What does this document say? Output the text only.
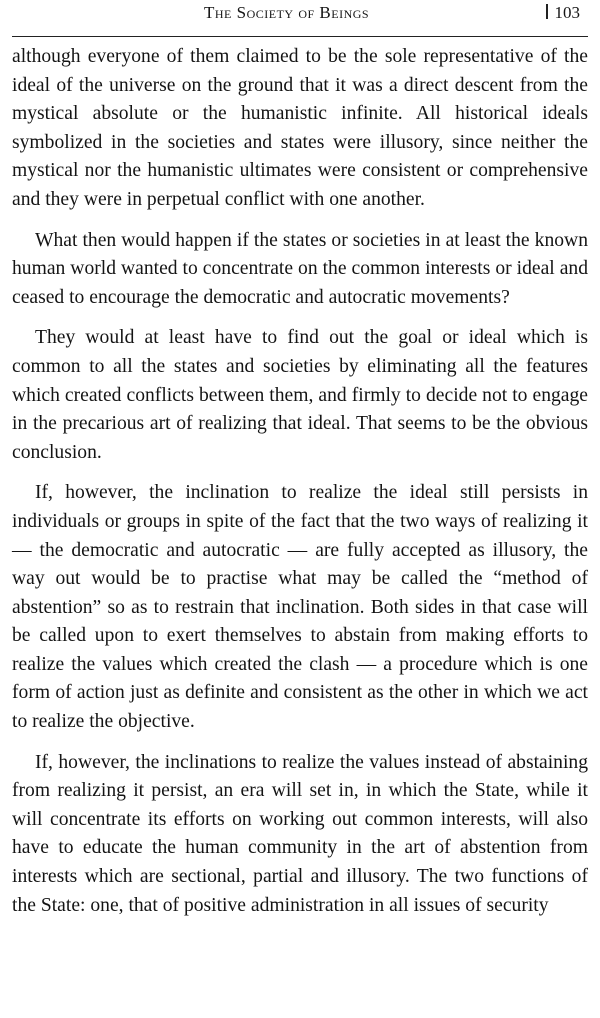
The Society of Beings	103

although everyone of them claimed to be the sole representative of the ideal of the universe on the ground that it was a direct descent from the mystical absolute or the humanistic infinite. All historical ideals symbolized in the societies and states were illusory, since neither the mystical nor the humanistic ultimates were consistent or comprehensive and they were in perpetual conflict with one another.

What then would happen if the states or societies in at least the known human world wanted to concentrate on the common interests or ideal and ceased to encourage the democratic and autocratic movements?

They would at least have to find out the goal or ideal which is common to all the states and societies by eliminating all the features which created conflicts between them, and firmly to decide not to engage in the precarious art of realizing that ideal. That seems to be the obvious conclusion.

If, however, the inclination to realize the ideal still persists in individuals or groups in spite of the fact that the two ways of realizing it — the democratic and autocratic — are fully accepted as illusory, the way out would be to practise what may be called the “method of abstention” so as to restrain that inclination. Both sides in that case will be called upon to exert themselves to abstain from making efforts to realize the values which created the clash — a procedure which is one form of action just as definite and consistent as the other in which we act to realize the objective.

If, however, the inclinations to realize the values instead of abstaining from realizing it persist, an era will set in, in which the State, while it will concentrate its efforts on working out common interests, will also have to educate the human community in the art of abstention from interests which are sectional, partial and illusory. The two functions of the State: one, that of positive administration in all issues of security
